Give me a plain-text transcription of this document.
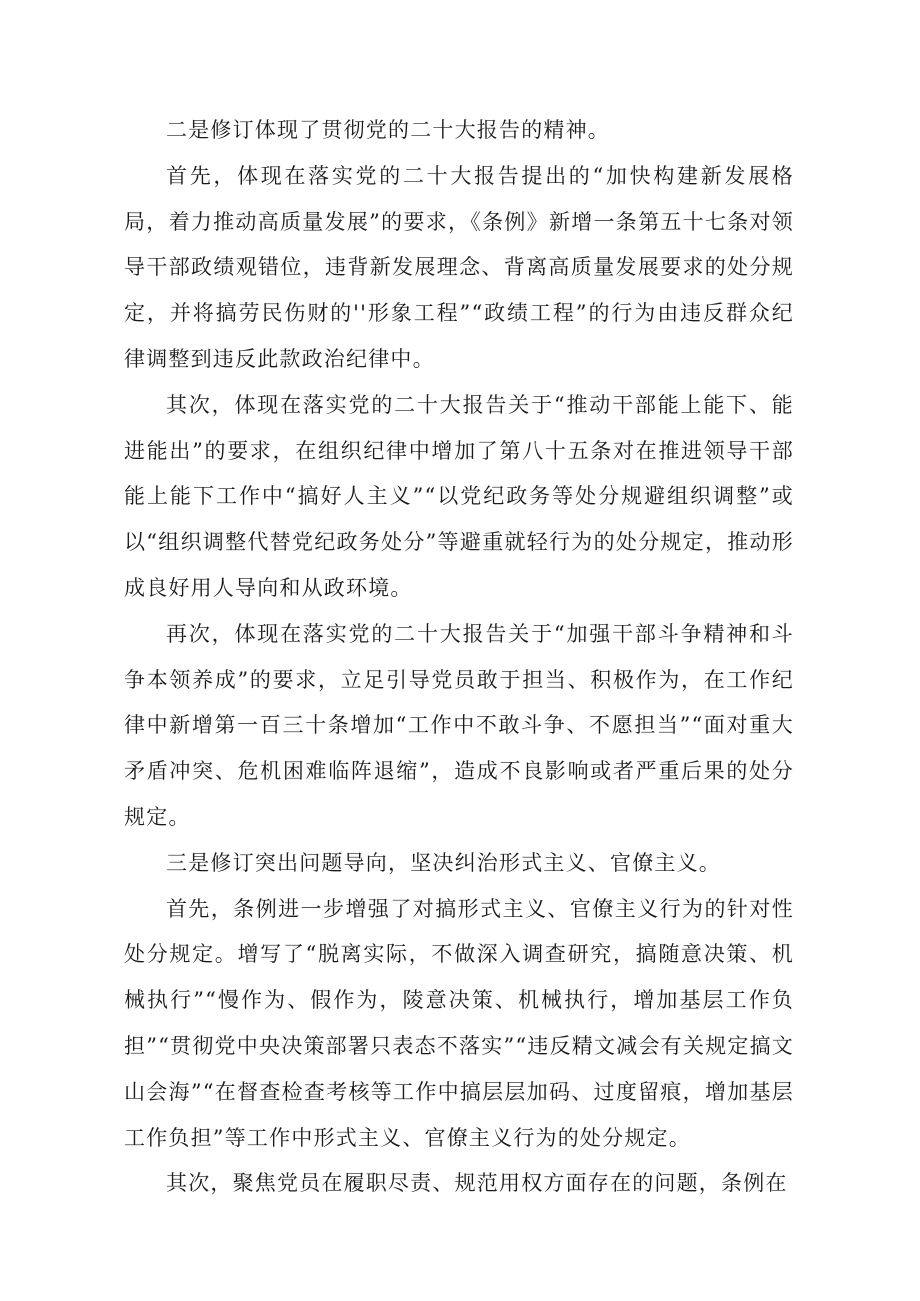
二是修订体现了贯彻党的二十大报告的精神。

首先，体现在落实党的二十大报告提出的“加快构建新发展格局，着力推动高质量发展”的要求，《条例》新增一条第五十七条对领导干部政绩观错位，违背新发展理念、背离高质量发展要求的处分规定，并将搞劳民伤财的''形象工程”“政绩工程”的行为由违反群众纪律调整到违反此款政治纪律中。

其次，体现在落实党的二十大报告关于“推动干部能上能下、能进能出”的要求，在组织纪律中增加了第八十五条对在推进领导干部能上能下工作中“搞好人主义”“以党纪政务等处分规避组织调整”或以“组织调整代替党纪政务处分”等避重就轻行为的处分规定，推动形成良好用人导向和从政环境。

再次，体现在落实党的二十大报告关于“加强干部斗争精神和斗争本领养成”的要求，立足引导党员敢于担当、积极作为，在工作纪律中新增第一百三十条增加“工作中不敢斗争、不愿担当”“面对重大矛盾冲突、危机困难临阵退缩”，造成不良影响或者严重后果的处分规定。

三是修订突出问题导向，坚决纠治形式主义、官僚主义。

首先，条例进一步增强了对搞形式主义、官僚主义行为的针对性处分规定。增写了“脱离实际，不做深入调查研究，搞随意决策、机械执行”“慢作为、假作为，陵意决策、机械执行，增加基层工作负担”“贯彻党中央决策部署只表态不落实”“违反精文减会有关规定搞文山会海”“在督查检查考核等工作中搞层层加码、过度留痕，增加基层工作负担”等工作中形式主义、官僚主义行为的处分规定。

其次，聚焦党员在履职尽责、规范用权方面存在的问题，条例在
